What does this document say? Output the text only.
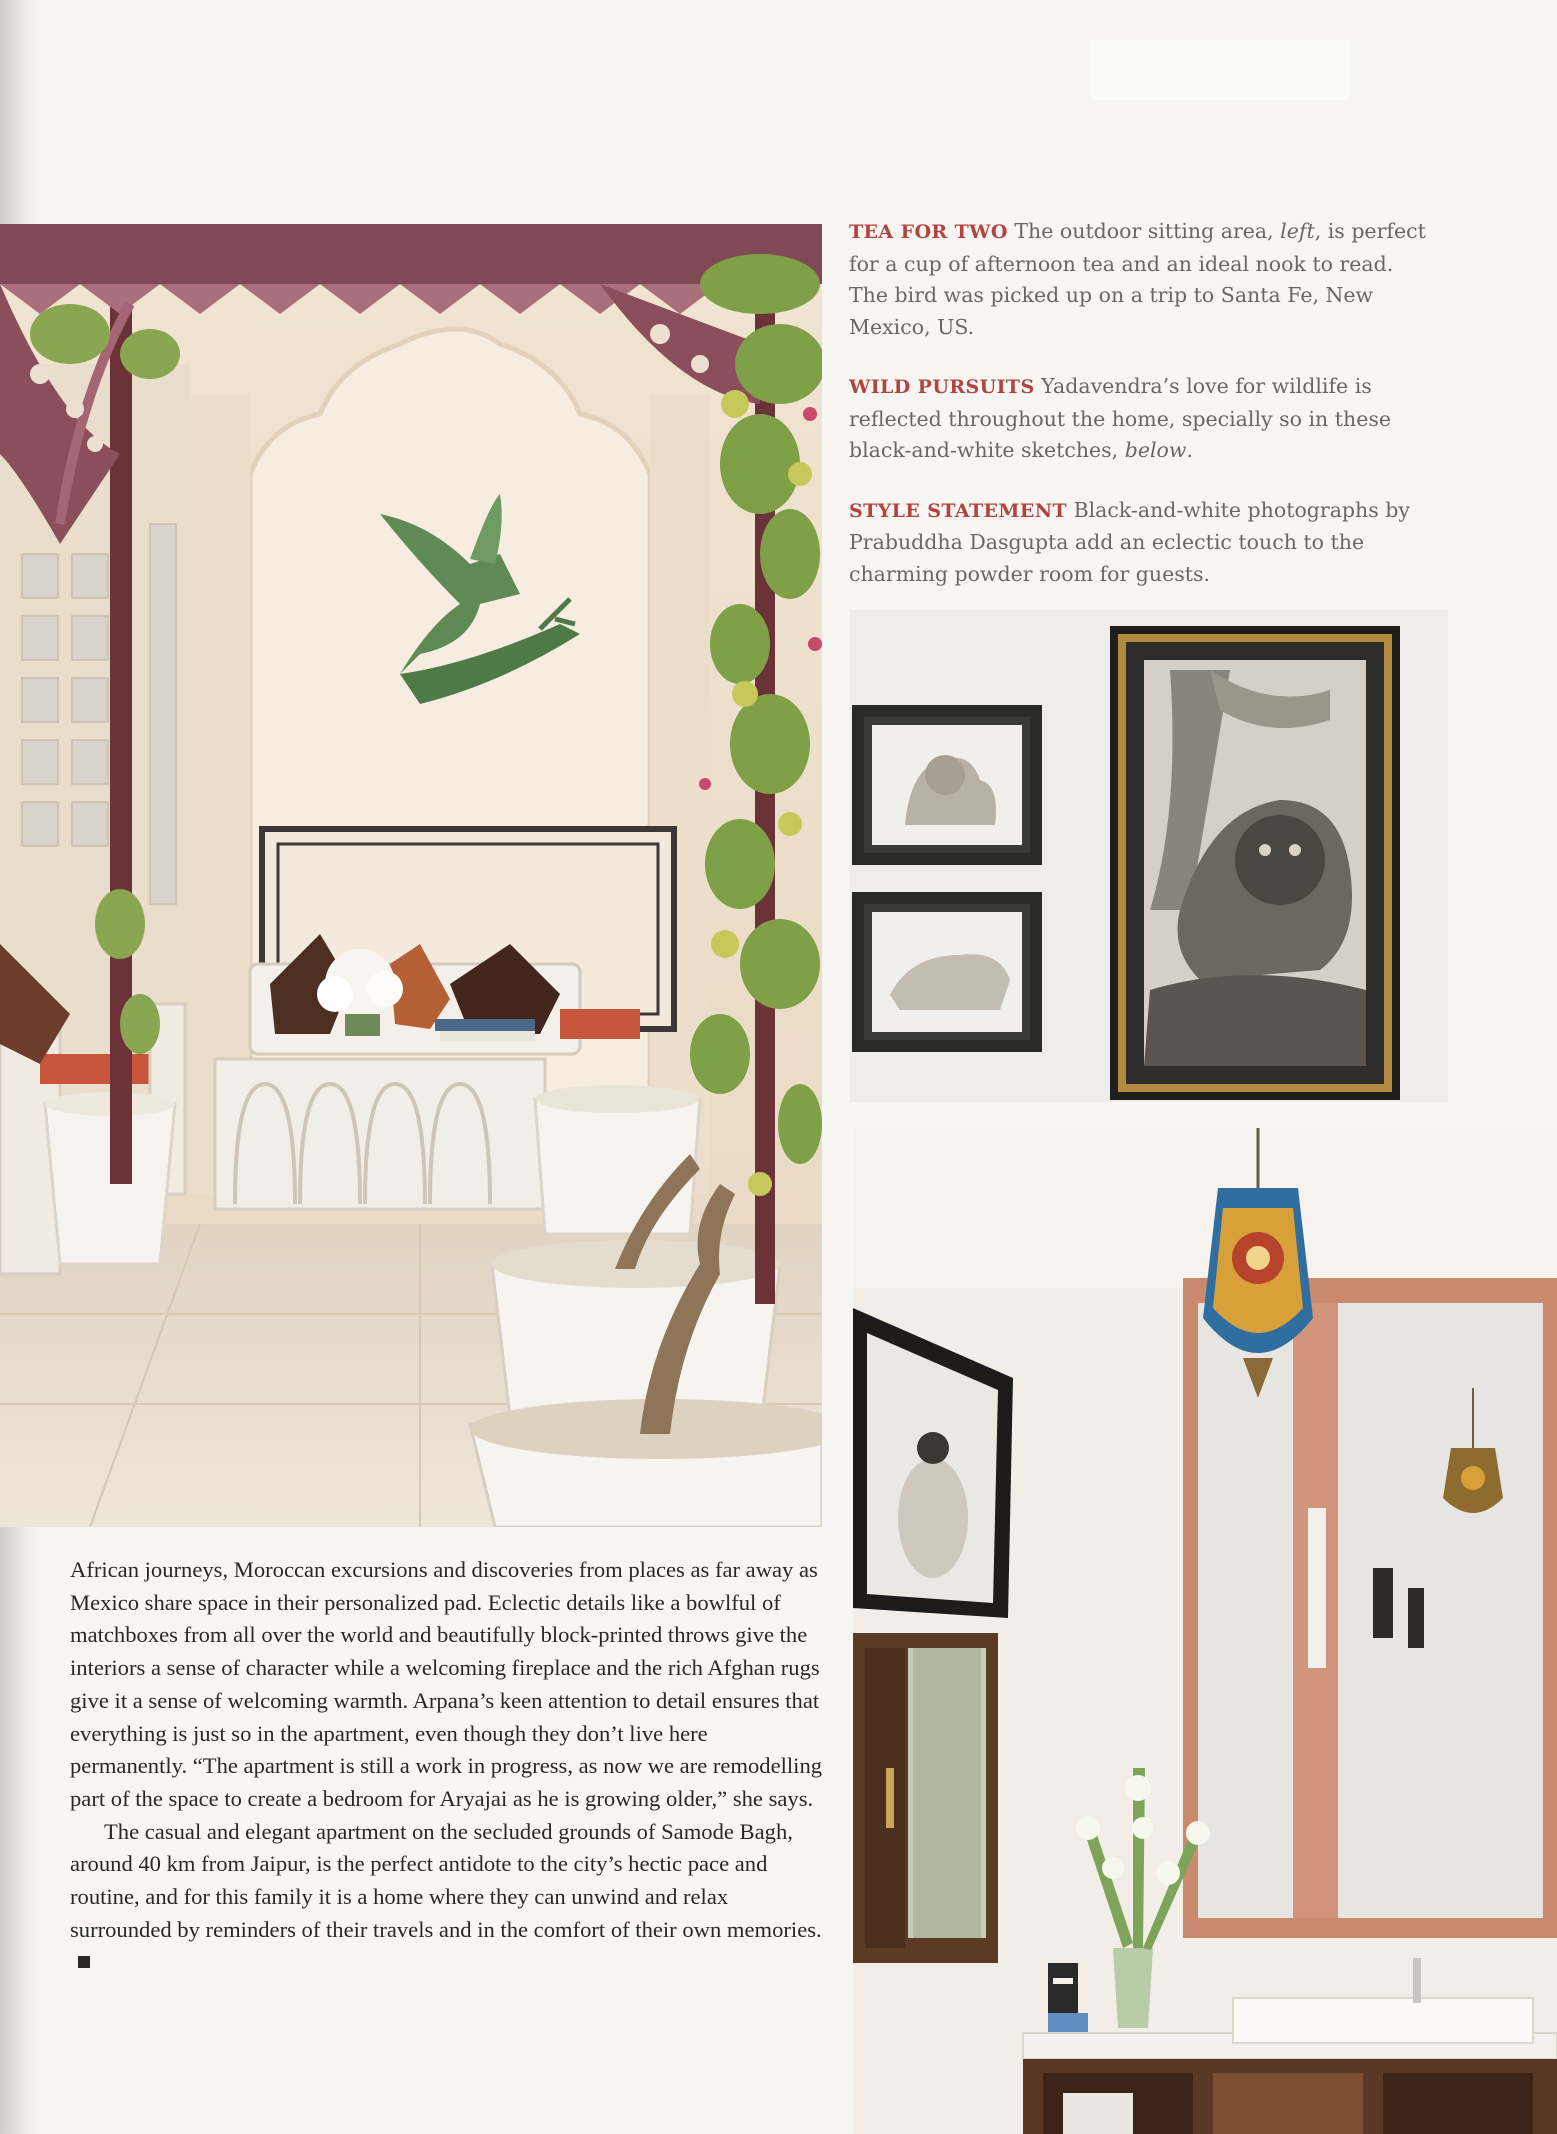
TEA FOR TWO The outdoor sitting area, left, is perfect for a cup of afternoon tea and an ideal nook to read. The bird was picked up on a trip to Santa Fe, New Mexico, US.

WILD PURSUITS Yadavendra’s love for wildlife is reflected throughout the home, specially so in these black-and-white sketches, below.

STYLE STATEMENT Black-and-white photographs by Prabuddha Dasgupta add an eclectic touch to the charming powder room for guests.

African journeys, Moroccan excursions and discoveries from places as far away as Mexico share space in their personalized pad. Eclectic details like a bowlful of matchboxes from all over the world and beautifully block-printed throws give the interiors a sense of character while a welcoming fireplace and the rich Afghan rugs give it a sense of welcoming warmth. Arpana’s keen attention to detail ensures that everything is just so in the apartment, even though they don’t live here permanently. “The apartment is still a work in progress, as now we are remodelling part of the space to create a bedroom for Aryajai as he is growing older,” she says.

The casual and elegant apartment on the secluded grounds of Samode Bagh, around 40 km from Jaipur, is the perfect antidote to the city’s hectic pace and routine, and for this family it is a home where they can unwind and relax surrounded by reminders of their travels and in the comfort of their own memories.
